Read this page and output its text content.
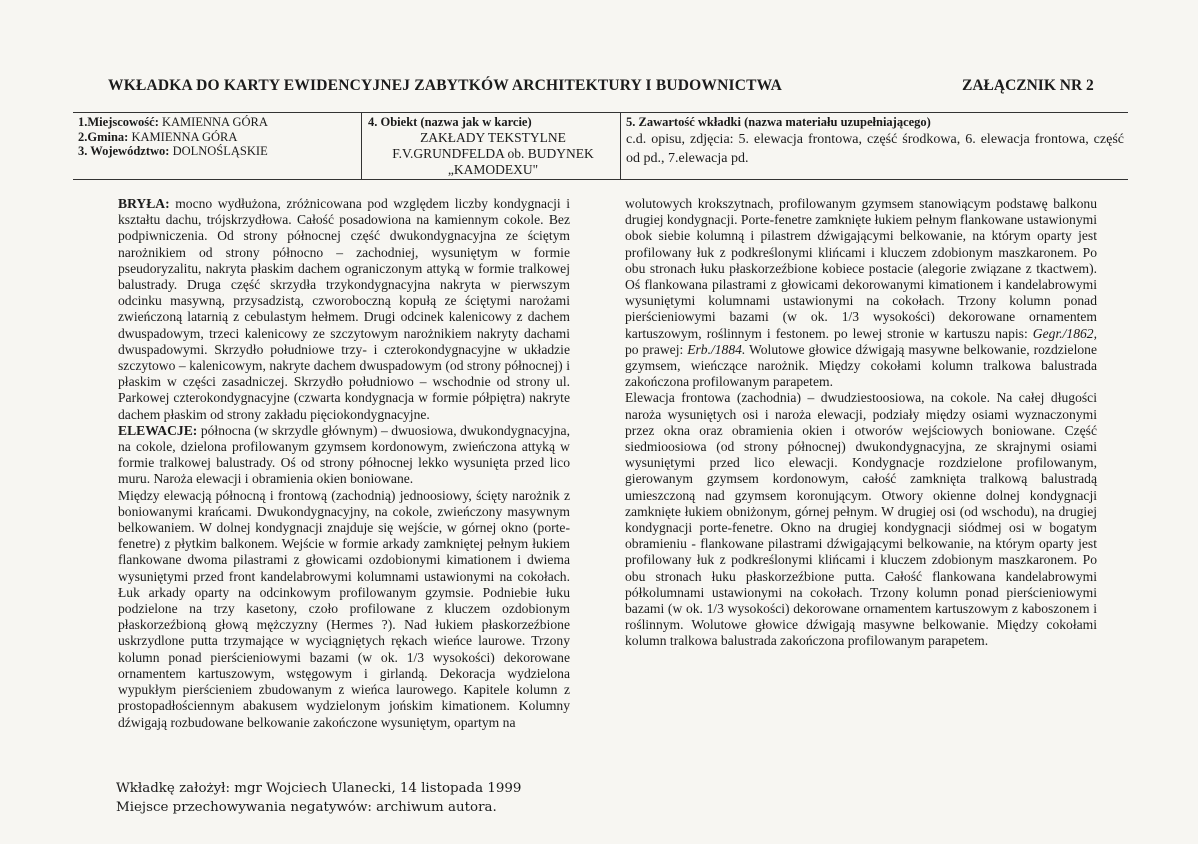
WKŁADKA DO KARTY EWIDENCYJNEJ ZABYTKÓW ARCHITEKTURY I BUDOWNICTWA	ZAŁĄCZNIK NR 2
1.Miejscowość: KAMIENNA GÓRA
2.Gmina: KAMIENNA GÓRA
3. Województwo: DOLNOŚLĄSKIE
4. Obiekt (nazwa jak w karcie)
ZAKŁADY TEKSTYLNE
F.V.GRUNDFELDA ob. BUDYNEK
„KAMODEXU"
5. Zawartość wkładki (nazwa materiału uzupełniającego)
c.d. opisu, zdjęcia: 5. elewacja frontowa, część środkowa, 6. elewacja frontowa, część od pd., 7.elewacja pd.

BRYŁA: mocno wydłużona, zróżnicowana pod względem liczby kondygnacji i kształtu dachu, trójskrzydłowa. Całość posadowiona na kamiennym cokole. Bez podpiwniczenia. Od strony północnej część dwukondygnacyjna ze ściętym narożnikiem od strony północno – zachodniej, wysuniętym w formie pseudoryzalitu, nakryta płaskim dachem ograniczonym attyką w formie tralkowej balustrady. Druga część skrzydła trzykondygnacyjna nakryta w pierwszym odcinku masywną, przysadzistą, czworoboczną kopułą ze ściętymi narożami zwieńczoną latarnią z cebulastym hełmem. Drugi odcinek kalenicowy z dachem dwuspadowym, trzeci kalenicowy ze szczytowym narożnikiem nakryty dachami dwuspadowymi. Skrzydło południowe trzy- i czterokondygnacyjne w układzie szczytowo – kalenicowym, nakryte dachem dwuspadowym (od strony północnej) i płaskim w części zasadniczej. Skrzydło południowo – wschodnie od strony ul. Parkowej czterokondygnacyjne (czwarta kondygnacja w formie półpiętra) nakryte dachem płaskim od strony zakładu pięciokondygnacyjne.

ELEWACJE: północna (w skrzydle głównym) – dwuosiowa, dwukondygnacyjna, na cokole, dzielona profilowanym gzymsem kordonowym, zwieńczona attyką w formie tralkowej balustrady. Oś od strony północnej lekko wysunięta przed lico muru. Naroża elewacji i obramienia okien boniowane.

Między elewacją północną i frontową (zachodnią) jednoosiowy, ścięty narożnik z boniowanymi krańcami. Dwukondygnacyjny, na cokole, zwieńczony masywnym belkowaniem. W dolnej kondygnacji znajduje się wejście, w górnej okno (porte-fenetre) z płytkim balkonem. Wejście w formie arkady zamkniętej pełnym łukiem flankowane dwoma pilastrami z głowicami ozdobionymi kimationem i dwiema wysuniętymi przed front kandelabrowymi kolumnami ustawionymi na cokołach. Łuk arkady oparty na odcinkowym profilowanym gzymsie. Podniebie łuku podzielone na trzy kasetony, czoło profilowane z kluczem ozdobionym płaskorzeźbioną głową mężczyzny (Hermes ?). Nad łukiem płaskorzeźbione uskrzydlone putta trzymające w wyciągniętych rękach wieńce laurowe. Trzony kolumn ponad pierścieniowymi bazami (w ok. 1/3 wysokości) dekorowane ornamentem kartuszowym, wstęgowym i girlandą. Dekoracja wydzielona wypukłym pierścieniem zbudowanym z wieńca laurowego. Kapitele kolumn z prostopadłościennym abakusem wydzielonym jońskim kimationem. Kolumny dźwigają rozbudowane belkowanie zakończone wysuniętym, opartym na

wolutowych krokszytnach, profilowanym gzymsem stanowiącym podstawę balkonu drugiej kondygnacji. Porte-fenetre zamknięte łukiem pełnym flankowane ustawionymi obok siebie kolumną i pilastrem dźwigającymi belkowanie, na którym oparty jest profilowany łuk z podkreślonymi klińcami i kluczem zdobionym maszkaronem. Po obu stronach łuku płaskorzeźbione kobiece postacie (alegorie związane z tkactwem). Oś flankowana pilastrami z głowicami dekorowanymi kimationem i kandelabrowymi wysuniętymi kolumnami ustawionymi na cokołach. Trzony kolumn ponad pierścieniowymi bazami (w ok. 1/3 wysokości) dekorowane ornamentem kartuszowym, roślinnym i festonem. po lewej stronie w kartuszu napis: Gegr./1862, po prawej: Erb./1884. Wolutowe głowice dźwigają masywne belkowanie, rozdzielone gzymsem, wieńczące narożnik. Między cokołami kolumn tralkowa balustrada zakończona profilowanym parapetem.

Elewacja frontowa (zachodnia) – dwudziestoosiowa, na cokole. Na całej długości naroża wysuniętych osi i naroża elewacji, podziały między osiami wyznaczonymi przez okna oraz obramienia okien i otworów wejściowych boniowane. Część siedmioosiowa (od strony północnej) dwukondygnacyjna, ze skrajnymi osiami wysuniętymi przed lico elewacji. Kondygnacje rozdzielone profilowanym, gierowanym gzymsem kordonowym, całość zamknięta tralkową balustradą umieszczoną nad gzymsem koronującym. Otwory okienne dolnej kondygnacji zamknięte łukiem obniżonym, górnej pełnym. W drugiej osi (od wschodu), na drugiej kondygnacji porte-fenetre. Okno na drugiej kondygnacji siódmej osi w bogatym obramieniu - flankowane pilastrami dźwigającymi belkowanie, na którym oparty jest profilowany łuk z podkreślonymi klińcami i kluczem zdobionym maszkaronem. Po obu stronach łuku płaskorzeźbione putta. Całość flankowana kandelabrowymi półkolumnami ustawionymi na cokołach. Trzony kolumn ponad pierścieniowymi bazami (w ok. 1/3 wysokości) dekorowane ornamentem kartuszowym z kaboszonem i roślinnym. Wolutowe głowice dźwigają masywne belkowanie. Między cokołami kolumn tralkowa balustrada zakończona profilowanym parapetem.

Wkładkę założył: mgr Wojciech Ulanecki, 14 listopada 1999
Miejsce przechowywania negatywów: archiwum autora.
